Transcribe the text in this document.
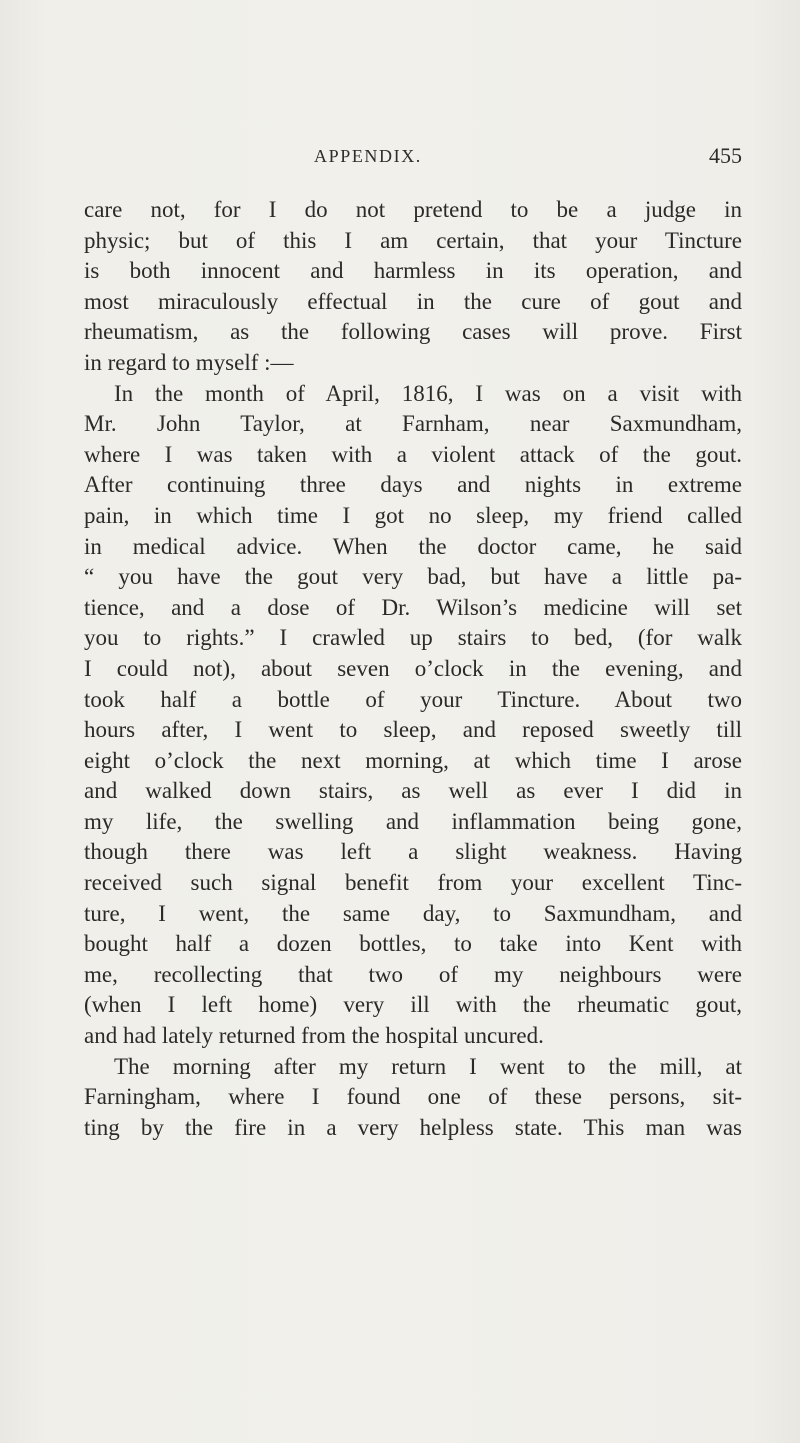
APPENDIX.	455
care not, for I do not pretend to be a judge in
physic; but of this I am certain, that your Tincture
is both innocent and harmless in its operation, and
most miraculously effectual in the cure of gout and
rheumatism, as the following cases will prove. First
in regard to myself :—
In the month of April, 1816, I was on a visit with
Mr. John Taylor, at Farnham, near Saxmundham,
where I was taken with a violent attack of the gout.
After continuing three days and nights in extreme
pain, in which time I got no sleep, my friend called
in medical advice. When the doctor came, he said
“ you have the gout very bad, but have a little pa-
tience, and a dose of Dr. Wilson’s medicine will set
you to rights.” I crawled up stairs to bed, (for walk
I could not), about seven o’clock in the evening, and
took half a bottle of your Tincture. About two
hours after, I went to sleep, and reposed sweetly till
eight o’clock the next morning, at which time I arose
and walked down stairs, as well as ever I did in
my life, the swelling and inflammation being gone,
though there was left a slight weakness. Having
received such signal benefit from your excellent Tinc-
ture, I went, the same day, to Saxmundham, and
bought half a dozen bottles, to take into Kent with
me, recollecting that two of my neighbours were
(when I left home) very ill with the rheumatic gout,
and had lately returned from the hospital uncured.
The morning after my return I went to the mill, at
Farningham, where I found one of these persons, sit-
ting by the fire in a very helpless state. This man was
